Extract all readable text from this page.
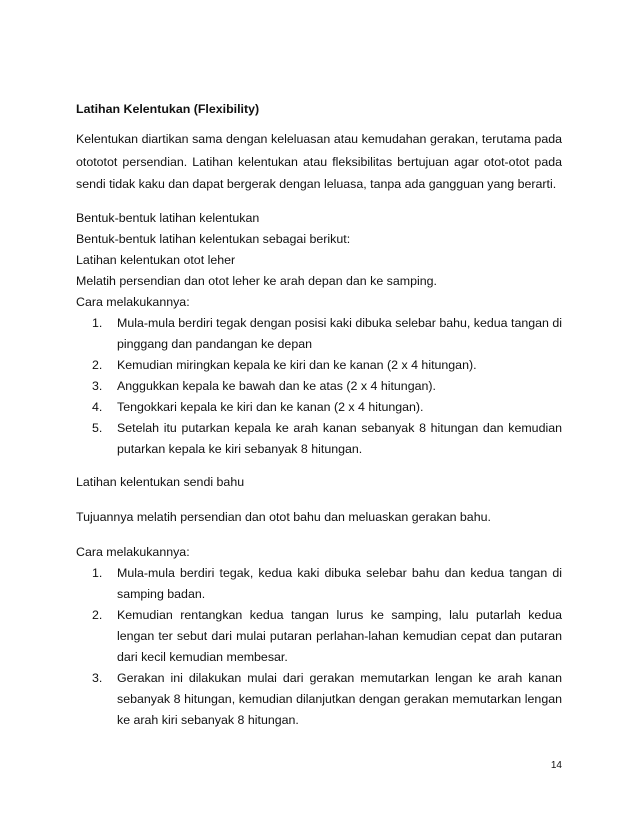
Latihan Kelentukan (Flexibility)

Kelentukan diartikan sama dengan keleluasan atau kemudahan gerakan, terutama pada otototot persendian. Latihan kelentukan atau fleksibilitas bertujuan agar otot-otot pada sendi tidak kaku dan dapat bergerak dengan leluasa, tanpa ada gangguan yang berarti.

Bentuk-bentuk latihan kelentukan

Bentuk-bentuk latihan kelentukan sebagai berikut:

Latihan kelentukan otot leher

Melatih persendian dan otot leher ke arah depan dan ke samping.

Cara melakukannya:

1. Mula-mula berdiri tegak dengan posisi kaki dibuka selebar bahu, kedua tangan di pinggang dan pandangan ke depan
2. Kemudian miringkan kepala ke kiri dan ke kanan (2 x 4 hitungan).
3. Anggukkan kepala ke bawah dan ke atas (2 x 4 hitungan).
4. Tengokkari kepala ke kiri dan ke kanan (2 x 4 hitungan).
5. Setelah itu putarkan kepala ke arah kanan sebanyak 8 hitungan dan kemudian putarkan kepala ke kiri sebanyak 8 hitungan.

Latihan kelentukan sendi bahu

Tujuannya melatih persendian dan otot bahu dan meluaskan gerakan bahu.

Cara melakukannya:

1. Mula-mula berdiri tegak, kedua kaki dibuka selebar bahu dan kedua tangan di samping badan.
2. Kemudian rentangkan kedua tangan lurus ke samping, lalu putarlah kedua lengan ter sebut dari mulai putaran perlahan-lahan kemudian cepat dan putaran dari kecil kemudian membesar.
3. Gerakan ini dilakukan mulai dari gerakan memutarkan lengan ke arah kanan sebanyak 8 hitungan, kemudian dilanjutkan dengan gerakan memutarkan lengan ke arah kiri sebanyak 8 hitungan.
14
